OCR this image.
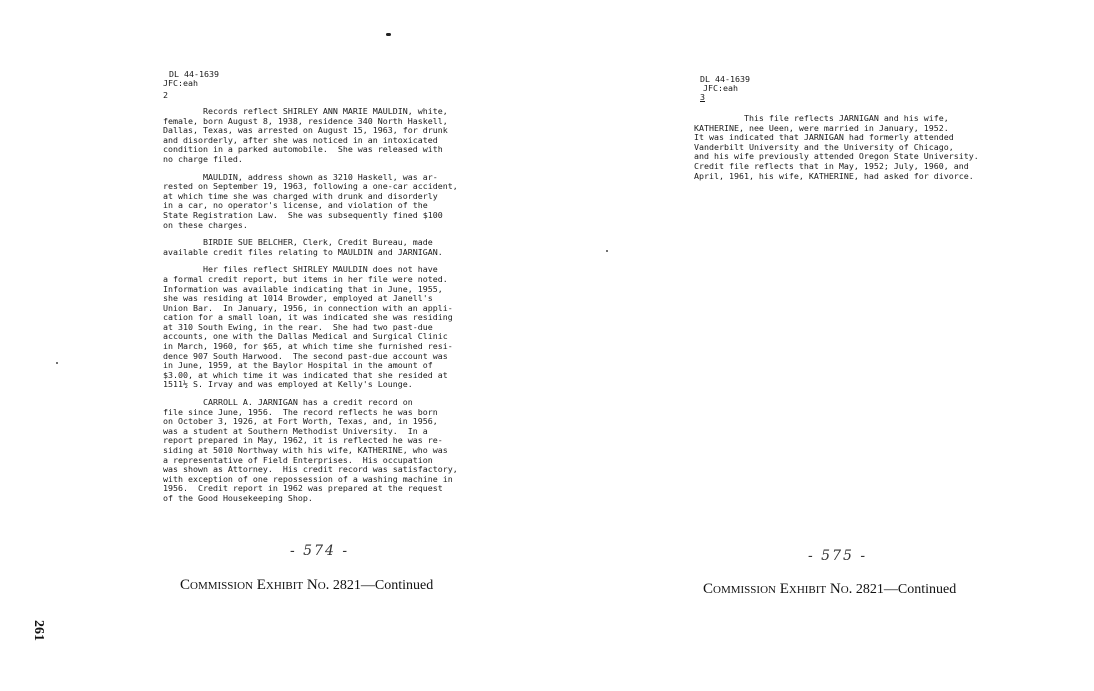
DL 44-1639
JFC:eah
2
Records reflect SHIRLEY ANN MARIE MAULDIN, white,
female, born August 8, 1938, residence 340 North Haskell,
Dallas, Texas, was arrested on August 15, 1963, for drunk
and disorderly, after she was noticed in an intoxicated
condition in a parked automobile.  She was released with
no charge filed.
MAULDIN, address shown as 3210 Haskell, was ar-
rested on September 19, 1963, following a one-car accident,
at which time she was charged with drunk and disorderly
in a car, no operator's license, and violation of the
State Registration Law.  She was subsequently fined $100
on these charges.
BIRDIE SUE BELCHER, Clerk, Credit Bureau, made
available credit files relating to MAULDIN and JARNIGAN.
Her files reflect SHIRLEY MAULDIN does not have
a formal credit report, but items in her file were noted.
Information was available indicating that in June, 1955,
she was residing at 1014 Browder, employed at Janell's
Union Bar.  In January, 1956, in connection with an appli-
cation for a small loan, it was indicated she was residing
at 310 South Ewing, in the rear.  She had two past-due
accounts, one with the Dallas Medical and Surgical Clinic
in March, 1960, for $65, at which time she furnished resi-
dence 907 South Harwood.  The second past-due account was
in June, 1959, at the Baylor Hospital in the amount of
$3.00, at which time it was indicated that she resided at
1511½ S. Irvay and was employed at Kelly's Lounge.
CARROLL A. JARNIGAN has a credit record on
file since June, 1956.  The record reflects he was born
on October 3, 1926, at Fort Worth, Texas, and, in 1956,
was a student at Southern Methodist University.  In a
report prepared in May, 1962, it is reflected he was re-
siding at 5010 Northway with his wife, KATHERINE, who was
a representative of Field Enterprises.  His occupation
was shown as Attorney.  His credit record was satisfactory,
with exception of one repossession of a washing machine in
1956.  Credit report in 1962 was prepared at the request
of the Good Housekeeping Shop.
- 574 -
Commission Exhibit No. 2821—Continued
261
DL 44-1639
JFC:eah
3
This file reflects JARNIGAN and his wife,
KATHERINE, nee Ueen, were married in January, 1952.
It was indicated that JARNIGAN had formerly attended
Vanderbilt University and the University of Chicago,
and his wife previously attended Oregon State University.
Credit file reflects that in May, 1952; July, 1960, and
April, 1961, his wife, KATHERINE, had asked for divorce.
- 575 -
Commission Exhibit No. 2821—Continued
